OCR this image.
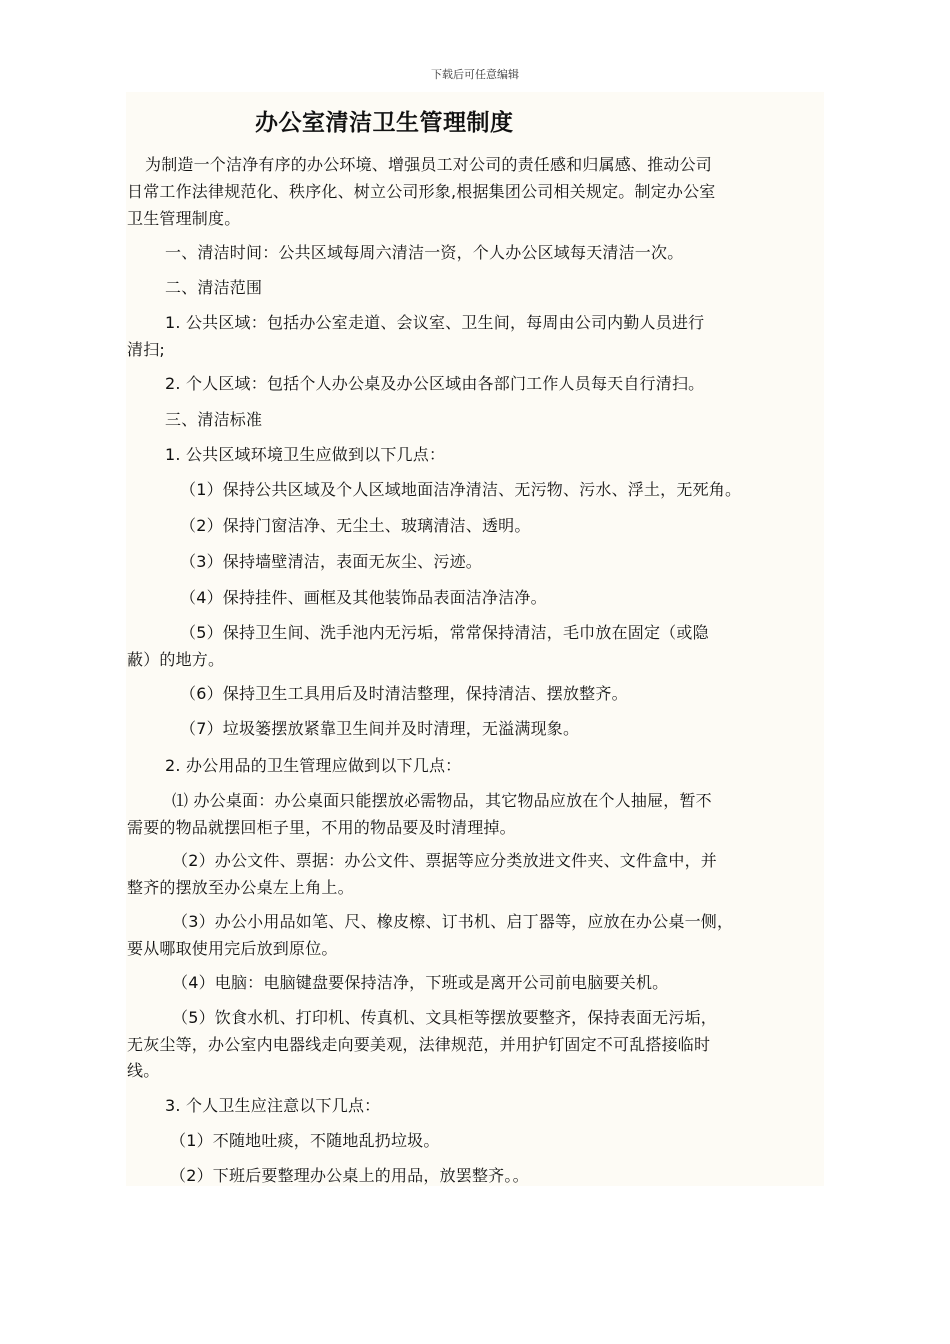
下载后可任意编辑
办公室清洁卫生管理制度
为制造一个洁净有序的办公环境、增强员工对公司的责任感和归属感、推动公司
日常工作法律规范化、秩序化、树立公司形象,根据集团公司相关规定。制定办公室
卫生管理制度。
一、清洁时间：公共区域每周六清洁一资，个人办公区域每天清洁一次。
二、清洁范围
1. 公共区域：包括办公室走道、会议室、卫生间，每周由公司内勤人员进行
清扫;
2. 个人区域：包括个人办公桌及办公区域由各部门工作人员每天自行清扫。
三、清洁标准
1. 公共区域环境卫生应做到以下几点：
（1）保持公共区域及个人区域地面洁净清洁、无污物、污水、浮土，无死角。
（2）保持门窗洁净、无尘土、玻璃清洁、透明。
（3）保持墙壁清洁，表面无灰尘、污迹。
（4）保持挂件、画框及其他装饰品表面洁净洁净。
（5）保持卫生间、洗手池内无污垢，常常保持清洁，毛巾放在固定（或隐
蔽）的地方。
（6）保持卫生工具用后及时清洁整理，保持清洁、摆放整齐。
（7）垃圾篓摆放紧靠卫生间并及时清理，无溢满现象。
2. 办公用品的卫生管理应做到以下几点：
⑴ 办公桌面：办公桌面只能摆放必需物品，其它物品应放在个人抽屉，暂不
需要的物品就摆回柜子里，不用的物品要及时清理掉。
（2）办公文件、票据：办公文件、票据等应分类放进文件夹、文件盒中，并
整齐的摆放至办公桌左上角上。
（3）办公小用品如笔、尺、橡皮檫、订书机、启丁器等，应放在办公桌一侧，
要从哪取使用完后放到原位。
（4）电脑：电脑键盘要保持洁净，下班或是离开公司前电脑要关机。
（5）饮食水机、打印机、传真机、文具柜等摆放要整齐，保持表面无污垢，
无灰尘等，办公室内电器线走向要美观，法律规范，并用护钉固定不可乱搭接临时
线。
3. 个人卫生应注意以下几点：
（1）不随地吐痰，不随地乱扔垃圾。
（2）下班后要整理办公桌上的用品，放罢整齐。。
